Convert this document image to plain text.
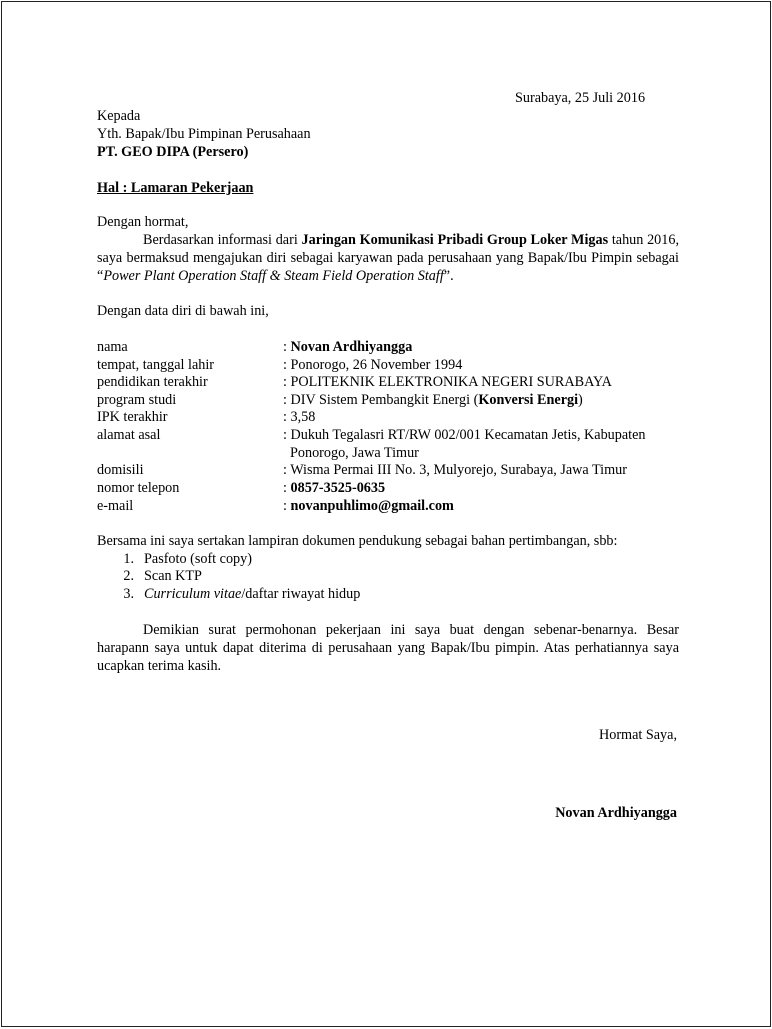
Surabaya, 25 Juli 2016
Kepada
Yth. Bapak/Ibu Pimpinan Perusahaan
PT. GEO DIPA (Persero)
Hal : Lamaran Pekerjaan
Dengan hormat,
Berdasarkan informasi dari Jaringan Komunikasi Pribadi Group Loker Migas tahun 2016, saya bermaksud mengajukan diri sebagai karyawan pada perusahaan yang Bapak/Ibu Pimpin sebagai “Power Plant Operation Staff & Steam Field Operation Staff”.
Dengan data diri di bawah ini,
nama	: Novan Ardhiyangga
tempat, tanggal lahir	: Ponorogo, 26 November 1994
pendidikan terakhir	: POLITEKNIK ELEKTRONIKA NEGERI SURABAYA
program studi	: DIV Sistem Pembangkit Energi (Konversi Energi)
IPK terakhir	: 3,58
alamat asal	: Dukuh Tegalasri RT/RW 002/001 Kecamatan Jetis, Kabupaten
Ponorogo, Jawa Timur
domisili	: Wisma Permai III No. 3, Mulyorejo, Surabaya, Jawa Timur
nomor telepon	: 0857-3525-0635
e-mail	: novanpuhlimo@gmail.com
Bersama ini saya sertakan lampiran dokumen pendukung sebagai bahan pertimbangan, sbb:
1. Pasfoto (soft copy)
2. Scan KTP
3. Curriculum vitae/daftar riwayat hidup
Demikian surat permohonan pekerjaan ini saya buat dengan sebenar-benarnya. Besar harapann saya untuk dapat diterima di perusahaan yang Bapak/Ibu pimpin. Atas perhatiannya saya ucapkan terima kasih.
Hormat Saya,
Novan Ardhiyangga
